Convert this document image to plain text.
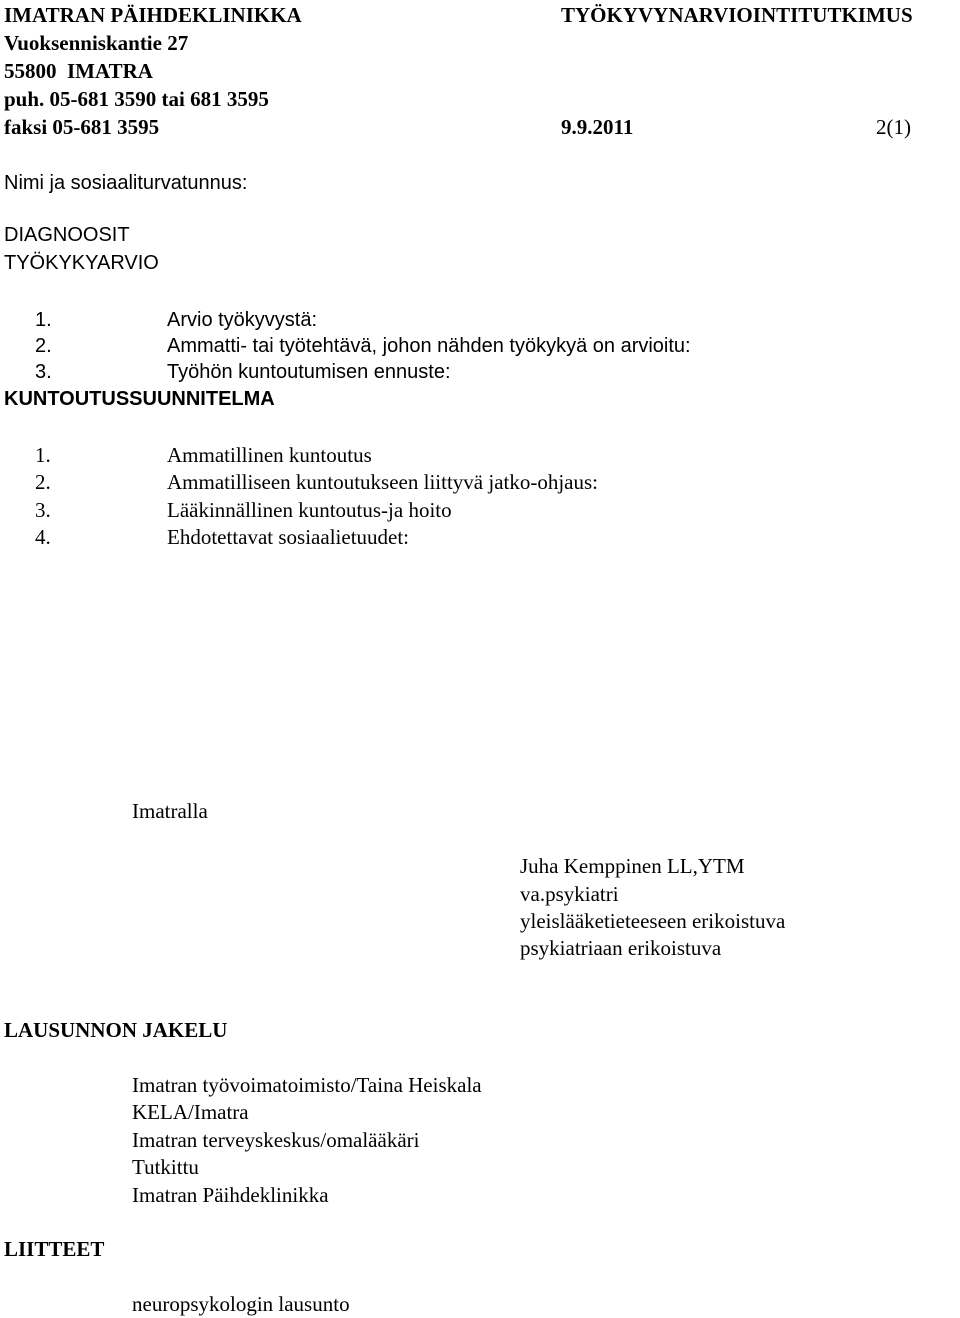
IMATRAN PÄIHDEKLINIKKA	TYÖKYVYNARVIOINTITUTKIMUS
Vuoksenniskantie 27
55800  IMATRA
puh. 05-681 3590 tai 681 3595
faksi 05-681 3595	9.9.2011	2(1)
Nimi ja sosiaaliturvatunnus:
DIAGNOOSIT
TYÖKYKYARVIO
1.	Arvio työkyvystä:
2.	Ammatti- tai työtehtävä, johon nähden työkykyä on arvioitu:
3.	Työhön kuntoutumisen ennuste:
KUNTOUTUSSUUNNITELMA
1.	Ammatillinen kuntoutus
2.	Ammatilliseen kuntoutukseen liittyvä jatko-ohjaus:
3.	Lääkinnällinen kuntoutus-ja hoito
4.	Ehdotettavat sosiaalietuudet:
Imatralla
Juha Kemppinen LL,YTM
va.psykiatri
yleislääketieteeseen erikoistuva
psykiatriaan erikoistuva
LAUSUNNON JAKELU
Imatran työvoimatoimisto/Taina Heiskala
KELA/Imatra
Imatran terveyskeskus/omalääkäri
Tutkittu
Imatran Päihdeklinikka
LIITTEET
neuropsykologin lausunto
